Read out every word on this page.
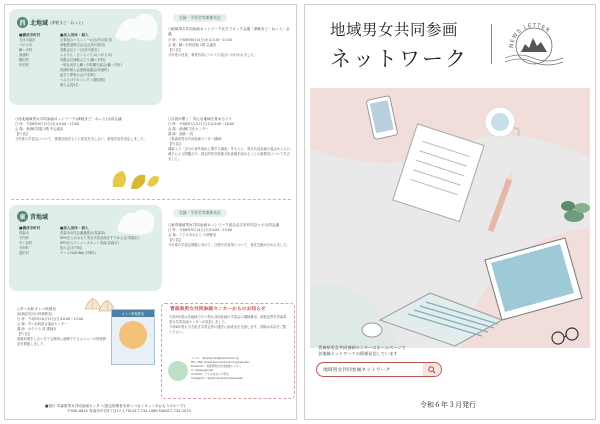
西 北地域 (津軽まど・ねっと)
■構成市町村
五所川原市
つがる市
鰺ヶ沢町
深浦町
鶴田町
中泊町
■加入団体・個人
企業組合ぐるっくーお(五所川原市)
津軽鉄道株式会社(五所川原市)
有限会社ヒバ(五所川原市)
ふるやん・さくらぐりみ(つがる市)
有限会社津軽ぶどう(鰺ヶ沢町)
一般社団法人鰺ヶ沢町観光協会(鰺ヶ沢町)
深浦町婦人会連絡協議会(深浦町)
起きて夢育む会(中泊町)
つるたほプロジェクト(鶴田町)
個人会員3名
会議・学習会等開催状況
○地域男女共同参画ネットワーク北方ブロック会議「津軽まど・ねっと」会議
日 時：令和6年6月14日(水)13:30～14:50
会 場：鰺ヶ沢町役場 2階 会議室
【内 容】
今年度の役員、事業内容についての話合いが行われました。
○西北地域男女共同参画ネットワーク(津軽まど・ねっと)合同会議
日 時：令和6年9月13日(水)14:00～15:00
会 場：深浦町役場 2階 中会議室
【内 容】
今年度の学習会について、事業計画をもとに意見を出し合い、事業内容を決定しました。
○目指が繋く！安心な地域を育めるワケ
日 時：令和6年11月21日(木)14:00～16:00
会 場：深浦町文化センター
講 師：高橋 一枝
（青森県男女共同参画センター講師）
【内 容】
講師より「自分の意外流出に関する調査」をもとに、男女共同参画の視点から人口減少による問題点や、固定的性別役割分担意識を改めることの重要性について学びました。
東 青地域
■構成市町村
青森市
平内町
外ヶ浜町
今別町
蓬田村
■加入団体・個人
青森市女性会議連絡会(青森市)
NPO法人あおもり男女共同参画をすすめる会(青森市)
NPO法人ウィメンズネット青森(青森市)
虹の会(平内町)
チームTAZUNA(今別町)
会議・学習会等開催状況
○東青地域男女共同参画ネットワーク総会及び市町村会との合同会議
日 時：令和6年9月14日(木)14:00～15:00
会 場：アピオあおもり 小研修室
【内 容】
今年度の学習会開催に向けて、日程や内容等について、意見交換が行われました。
○外ヶ浜町オトコ料理室
(地域住民向け料理教室)
日 時：令和5年10月22日(日)10:00～13:00
会 場：外ヶ浜町総合福祉センター
講 師：わたぐる 清 講師室
【内 容】
最後料理をしない方でも簡単に調理できるメニューの料理教室を開催しました。
オトコ料理教室
青森県男女共同参画センターからのお知らせ
令和5年度は各地域で行う男女共同参画の学習会の講師費用、消耗品等を青森県男女共同参画センターが負担しました。
令和6年度も引き続き学習会等の運営に助成金を支援します。詳細は本誌をご覧ください。
メール：danjokyodo@pref.aomori.jp
HP：http://www.apio.pref.aomori.jp/gender/
Facebook：青森県男女共同参画センター
X：@apiogender
YouTube：アピオあおもり男女
Instagram：@apio.danjokyodosankaku
■発行 青森県男女共同参画センター(指定管理者未来へつなぐネットあおもりグループ)
〒030-0822 青森市中央3丁目17-1 TEL017-732-1085 FAX017-732-1073
地域男女共同参画
ネットワーク
NEWS LETTER
青森県男女共同参画センターのホームページで
各地域ネットワークの情報発信しています
地域男女共同参画ネットワーク
令和６年３月発行
